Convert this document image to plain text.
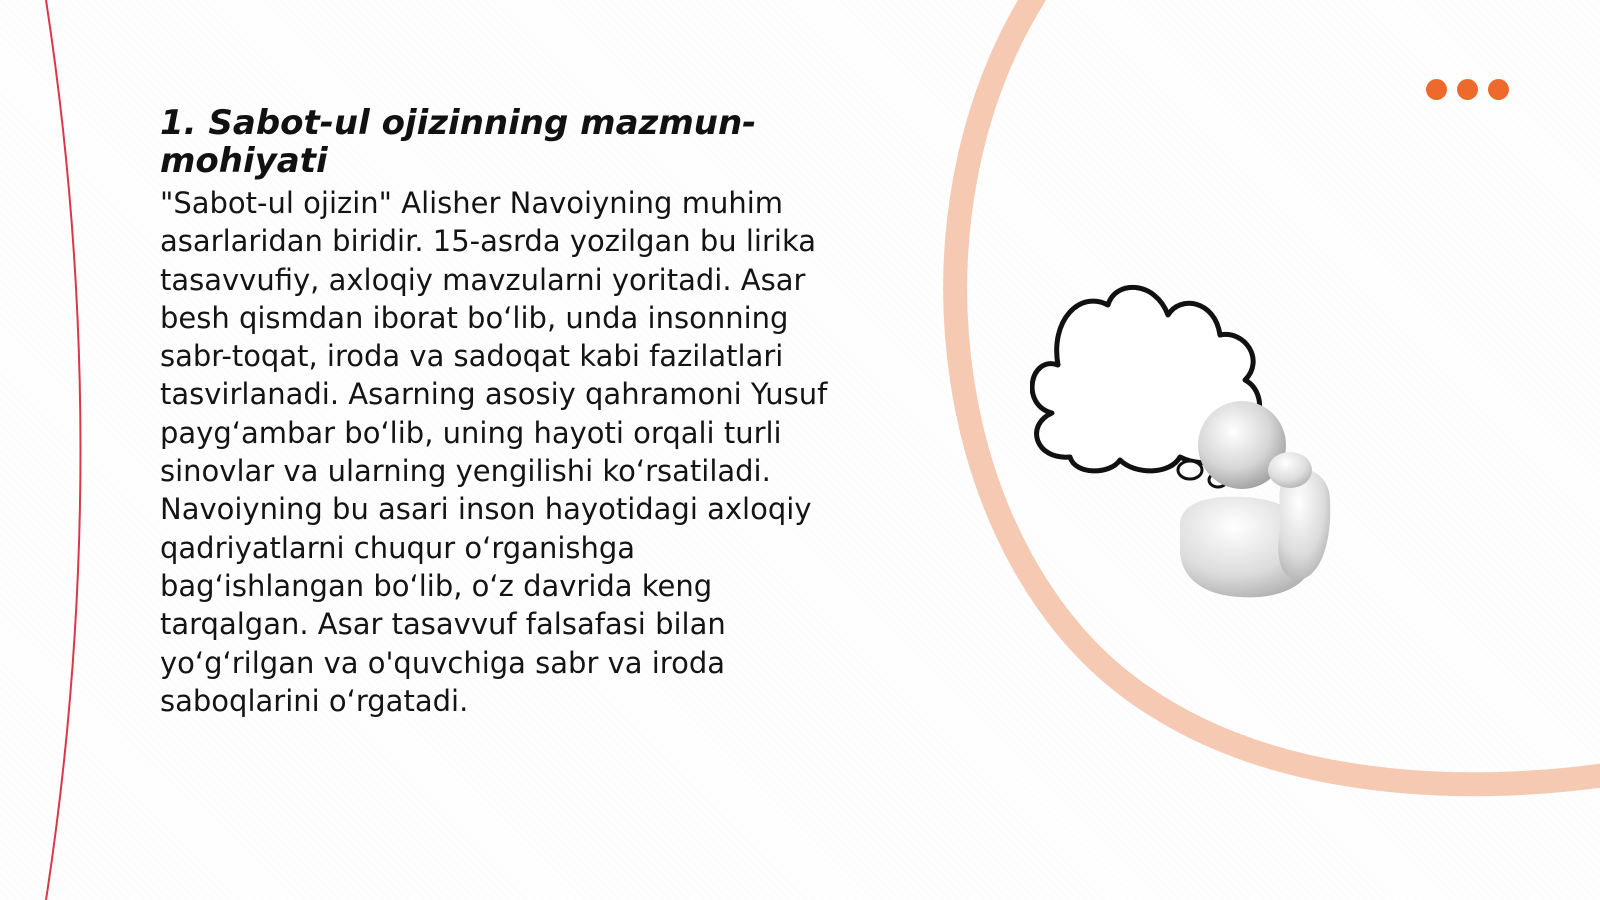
1. Sabot-ul ojizinning mazmun-mohiyati

"Sabot-ul ojizin" Alisher Navoiyning muhim asarlaridan biridir. 15-asrda yozilgan bu lirika tasavvufiy, axloqiy mavzularni yoritadi. Asar besh qismdan iborat bo‘lib, unda insonning sabr-toqat, iroda va sadoqat kabi fazilatlari tasvirlanadi. Asarning asosiy qahramoni Yusuf payg‘ambar bo‘lib, uning hayoti orqali turli sinovlar va ularning yengilishi ko‘rsatiladi. Navoiyning bu asari inson hayotidagi axloqiy qadriyatlarni chuqur o‘rganishga bag‘ishlangan bo‘lib, o‘z davrida keng tarqalgan. Asar tasavvuf falsafasi bilan yo‘g‘rilgan va o'quvchiga sabr va iroda saboqlarini o‘rgatadi.
